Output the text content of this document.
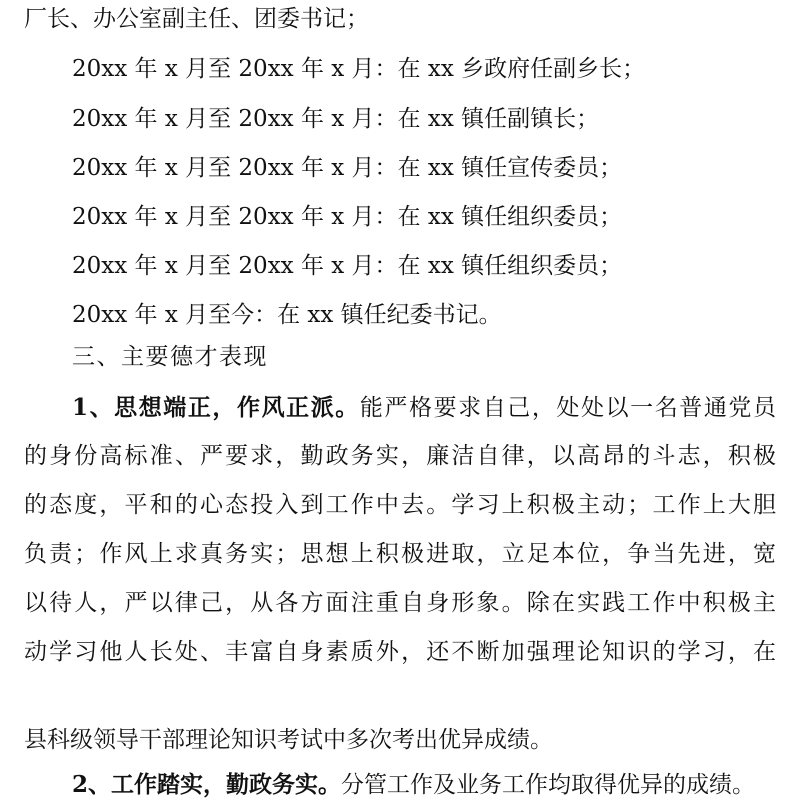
厂长、办公室副主任、团委书记；
20xx 年 x 月至 20xx 年 x 月：在 xx 乡政府任副乡长；
20xx 年 x 月至 20xx 年 x 月：在 xx 镇任副镇长；
20xx 年 x 月至 20xx 年 x 月：在 xx 镇任宣传委员；
20xx 年 x 月至 20xx 年 x 月：在 xx 镇任组织委员；
20xx 年 x 月至 20xx 年 x 月：在 xx 镇任组织委员；
20xx 年 x 月至今：在 xx 镇任纪委书记。
三、主要德才表现
1、思想端正，作风正派。能严格要求自己，处处以一名普通党员
的身份高标准、严要求，勤政务实，廉洁自律，以高昂的斗志，积极
的态度，平和的心态投入到工作中去。学习上积极主动；工作上大胆
负责；作风上求真务实；思想上积极进取，立足本位，争当先进，宽
以待人，严以律己，从各方面注重自身形象。除在实践工作中积极主
动学习他人长处、丰富自身素质外，还不断加强理论知识的学习，在
县科级领导干部理论知识考试中多次考出优异成绩。
2、工作踏实，勤政务实。分管工作及业务工作均取得优异的成绩。
